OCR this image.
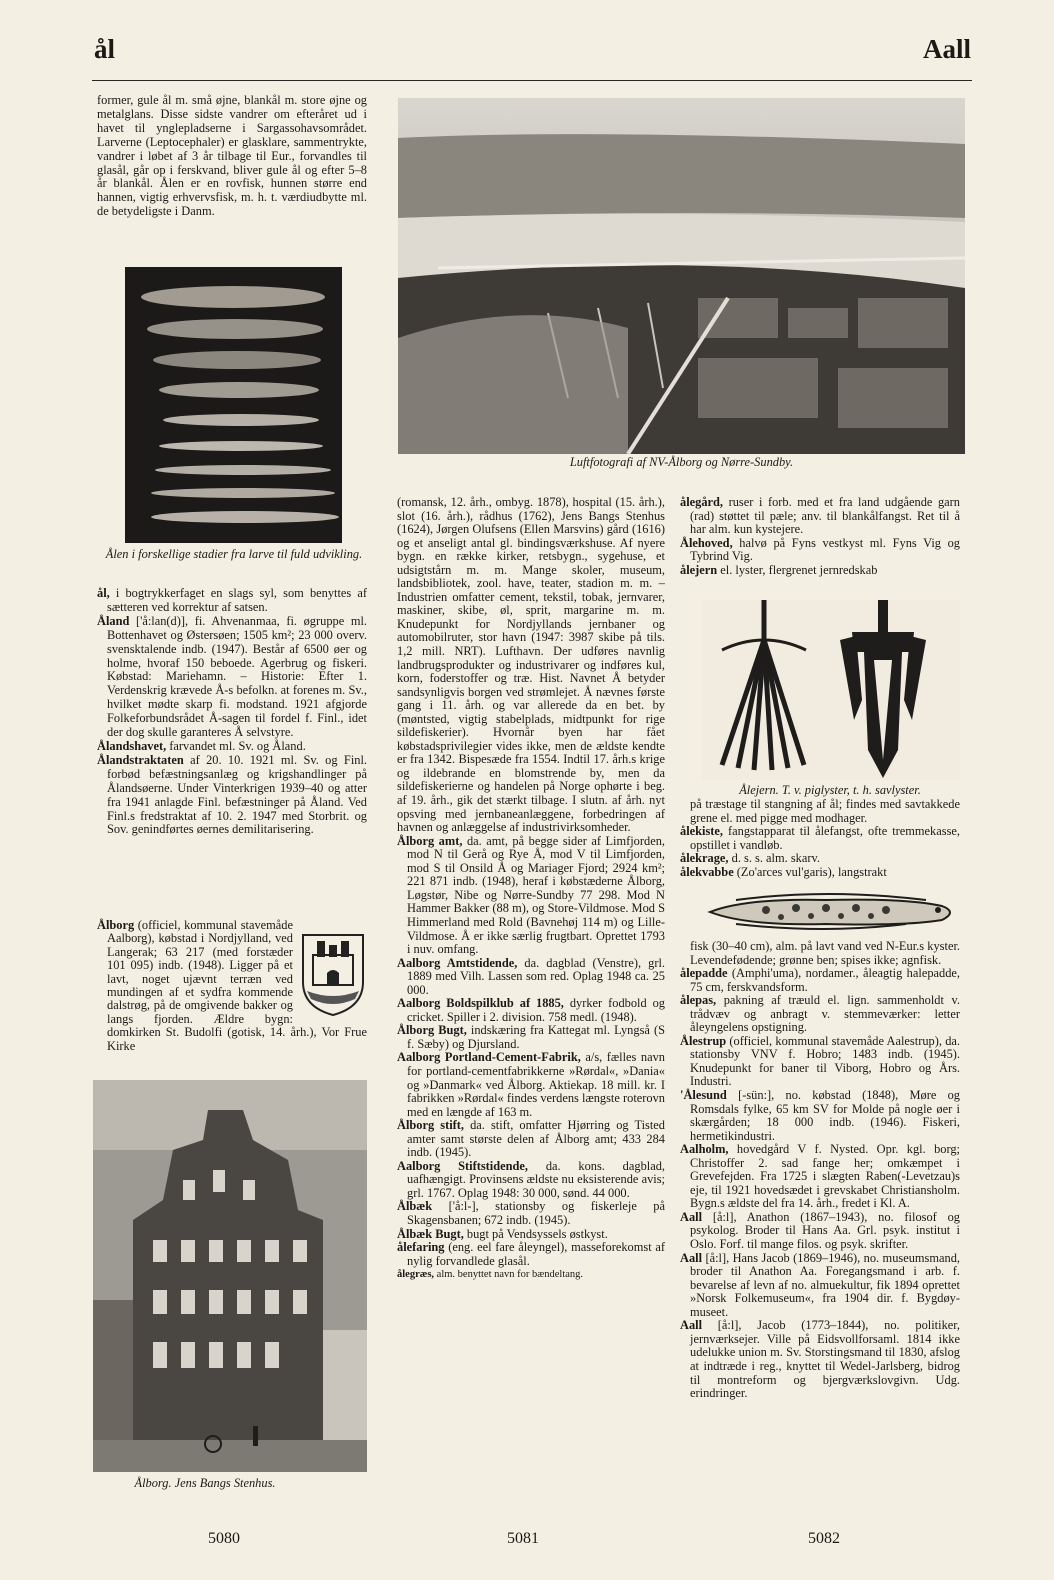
ål	Aall

former, gule ål m. små øjne, blankål m. store øjne og metalglans. Disse sidste vandrer om efteråret ud i havet til ynglepladserne i Sargassohavsområdet. Larverne (Leptocephaler) er glasklare, sammentrykte, vandrer i løbet af 3 år tilbage til Eur., forvandles til glasål, går op i ferskvand, bliver gule ål og efter 5–8 år blankål. Ålen er en rovfisk, hunnen større end hannen, vigtig erhvervsfisk, m. h. t. værdiudbytte ml. de betydeligste i Danm.

Ålen i forskellige stadier fra larve til fuld udvikling.

ål, i bogtrykkerfaget en slags syl, som benyttes af sætteren ved korrektur af satsen.

Åland ['å:lan(d)], fi. Ahvenanmaa, fi. øgruppe ml. Bottenhavet og Østersøen; 1505 km²; 23 000 overv. svensktalende indb. (1947). Består af 6500 øer og holme, hvoraf 150 beboede. Agerbrug og fiskeri. Købstad: Mariehamn. – Historie: Efter 1. Verdenskrig krævede Å-s befolkn. at forenes m. Sv., hvilket mødte skarp fi. modstand. 1921 afgjorde Folkeforbundsrådet Å-sagen til fordel f. Finl., idet der dog skulle garanteres Å selvstyre.

Ålandshavet, farvandet ml. Sv. og Åland.

Ålandstraktaten af 20. 10. 1921 ml. Sv. og Finl. forbød befæstningsanlæg og krigshandlinger på Ålandsøerne. Under Vinterkrigen 1939–40 og atter fra 1941 anlagde Finl. befæstninger på Åland. Ved Finl.s fredstraktat af 10. 2. 1947 med Storbrit. og Sov. genindførtes øernes demilitarisering.

Ålborg (officiel, kommunal stavemåde Aalborg), købstad i Nordjylland, ved Langerak; 63 217 (med forstæder 101 095) indb. (1948). Ligger på et lavt, noget ujævnt terræn ved mundingen af et sydfra kommende dalstrøg, på de omgivende bakker og langs fjorden. Ældre bygn: domkirken St. Budolfi (gotisk, 14. årh.), Vor Frue Kirke

Ålborg. Jens Bangs Stenhus.
Luftfotografi af NV-Ålborg og Nørre-Sundby.

(romansk, 12. årh., ombyg. 1878), hospital (15. årh.), slot (16. årh.), rådhus (1762), Jens Bangs Stenhus (1624), Jørgen Olufsens (Ellen Marsvins) gård (1616) og et anseligt antal gl. bindingsværkshuse. Af nyere bygn. en række kirker, retsbygn., sygehuse, et udsigtstårn m. m. Mange skoler, museum, landsbibliotek, zool. have, teater, stadion m. m. –Industrien omfatter cement, tekstil, tobak, jernvarer, maskiner, skibe, øl, sprit, margarine m. m. Knudepunkt for Nordjyllands jernbaner og automobilruter, stor havn (1947: 3987 skibe på tils. 1,2 mill. NRT). Lufthavn. Der udføres navnlig landbrugsprodukter og industrivarer og indføres kul, korn, foderstoffer og træ. Hist. Navnet Å betyder sandsynligvis borgen ved strømlejet. Å nævnes første gang i 11. årh. og var allerede da en bet. by (møntsted, vigtig stabelplads, midtpunkt for rige sildefiskerier). Hvornår byen har fået købstadsprivilegier vides ikke, men de ældste kendte er fra 1342. Bispesæde fra 1554. Indtil 17. årh.s krige og ildebrande en blomstrende by, men da sildefiskerierne og handelen på Norge ophørte i beg. af 19. årh., gik det stærkt tilbage. I slutn. af årh. nyt opsving med jernbaneanlæggene, forbedringen af havnen og anlæggelse af industrivirksomheder.

Ålborg amt, da. amt, på begge sider af Limfjorden, mod N til Gerå og Rye Å, mod V til Limfjorden, mod S til Onsild Å og Mariager Fjord; 2924 km²; 221 871 indb. (1948), heraf i købstæderne Ålborg, Løgstør, Nibe og Nørre-Sundby 77 298. Mod N Hammer Bakker (88 m), og Store-Vildmose. Mod S Himmerland med Rold (Bavnehøj 114 m) og Lille-Vildmose. Å er ikke særlig frugtbart. Oprettet 1793 i nuv. omfang.

Aalborg Amtstidende, da. dagblad (Venstre), grl. 1889 med Vilh. Lassen som red. Oplag 1948 ca. 25 000.

Aalborg Boldspilklub af 1885, dyrker fodbold og cricket. Spiller i 2. division. 758 medl. (1948).

Ålborg Bugt, indskæring fra Kattegat ml. Lyngså (S f. Sæby) og Djursland.

Aalborg Portland-Cement-Fabrik, a/s, fælles navn for portland-cementfabrikkerne »Rørdal«, »Dania« og »Danmark« ved Ålborg. Aktiekap. 18 mill. kr. I fabrikken »Rørdal« findes verdens længste roterovn med en længde af 163 m.

Ålborg stift, da. stift, omfatter Hjørring og Tisted amter samt største delen af Ålborg amt; 433 284 indb. (1945).

Aalborg Stiftstidende, da. kons. dagblad, uafhængigt. Provinsens ældste nu eksisterende avis; grl. 1767. Oplag 1948: 30 000, sønd. 44 000.

Ålbæk ['å:l-], stationsby og fiskerleje på Skagensbanen; 672 indb. (1945).

Ålbæk Bugt, bugt på Vendsyssels østkyst.

ålefaring (eng. eel fare åleyngel), masseforekomst af nylig forvandlede glasål.

ålegræs, alm. benyttet navn for bændeltang.

ålegård, ruser i forb. med et fra land udgående garn (rad) støttet til pæle; anv. til blankålfangst. Ret til å har alm. kun kystejere.

Ålehoved, halvø på Fyns vestkyst ml. Fyns Vig og Tybrind Vig.

ålejern el. lyster, flergrenet jernredskab

Ålejern. T. v. piglyster, t. h. savlyster.

på træstage til stangning af ål; findes med savtakkede grene el. med pigge med modhager.

ålekiste, fangstapparat til ålefangst, ofte tremmekasse, opstillet i vandløb.

ålekrage, d. s. s. alm. skarv.

ålekvabbe (Zo'arces vul'garis), langstrakt

fisk (30–40 cm), alm. på lavt vand ved N-Eur.s kyster. Levendefødende; grønne ben; spises ikke; agnfisk.

ålepadde (Amphi'uma), nordamer., åleagtig halepadde, 75 cm, ferskvandsform.

ålepas, pakning af træuld el. lign. sammenholdt v. trådvæv og anbragt v. stemmeværker: letter åleyngelens opstigning.

Ålestrup (officiel, kommunal stavemåde Aalestrup), da. stationsby VNV f. Hobro; 1483 indb. (1945). Knudepunkt for baner til Viborg, Hobro og Års. Industri.

'Ålesund [-sün:], no. købstad (1848), Møre og Romsdals fylke, 65 km SV for Molde på nogle øer i skærgården; 18 000 indb. (1946). Fiskeri, hermetikindustri.

Aalholm, hovedgård V f. Nysted. Opr. kgl. borg; Christoffer 2. sad fange her; omkæmpet i Grevefejden. Fra 1725 i slægten Raben(-Levetzau)s eje, til 1921 hovedsædet i grevskabet Christiansholm. Bygn.s ældste del fra 14. årh., fredet i Kl. A.

Aall [å:l], Anathon (1867–1943), no. filosof og psykolog. Broder til Hans Aa. Grl. psyk. institut i Oslo. Forf. til mange filos. og psyk. skrifter.

Aall [å:l], Hans Jacob (1869–1946), no. museumsmand, broder til Anathon Aa. Foregangsmand i arb. f. bevarelse af levn af no. almuekultur, fik 1894 oprettet »Norsk Folkemuseum«, fra 1904 dir. f. Bygdøy-museet.

Aall [å:l], Jacob (1773–1844), no. politiker, jernværksejer. Ville på Eidsvollforsaml. 1814 ikke udelukke union m. Sv. Storstingsmand til 1830, afslog at indtræde i reg., knyttet til Wedel-Jarlsberg, bidrog til montreform og bjergværkslovgivn. Udg. erindringer.

5080	5081	5082
